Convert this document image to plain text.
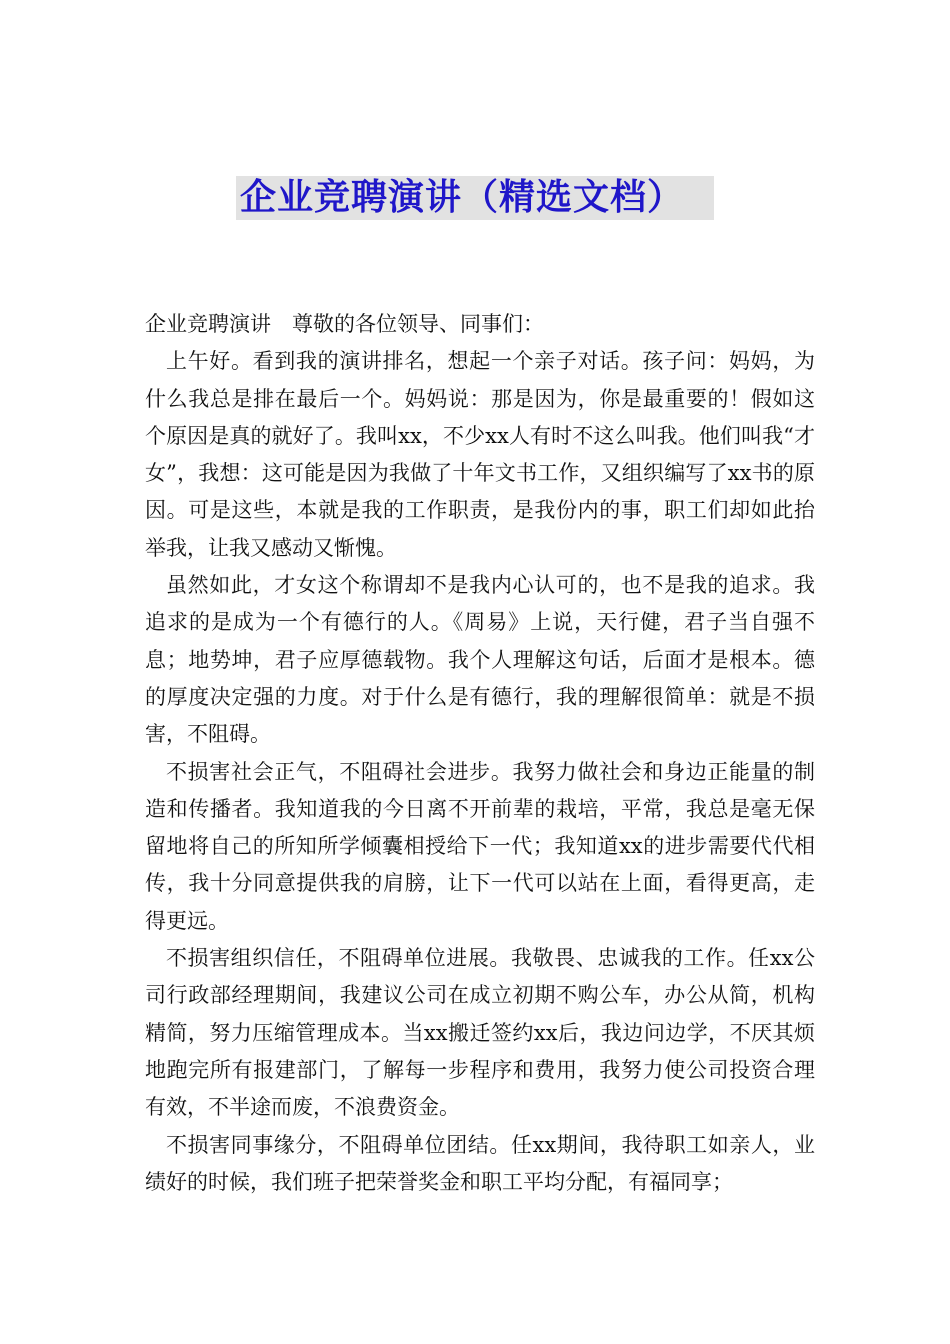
企业竞聘演讲（精选文档）

企业竞聘演讲　尊敬的各位领导、同事们：

上午好。看到我的演讲排名，想起一个亲子对话。孩子问：妈妈，为什么我总是排在最后一个。妈妈说：那是因为，你是最重要的！假如这个原因是真的就好了。我叫xx，不少xx人有时不这么叫我。他们叫我“才女”，我想：这可能是因为我做了十年文书工作，又组织编写了xx书的原因。可是这些，本就是我的工作职责，是我份内的事，职工们却如此抬举我，让我又感动又惭愧。

虽然如此，才女这个称谓却不是我内心认可的，也不是我的追求。我追求的是成为一个有德行的人。《周易》上说，天行健，君子当自强不息；地势坤，君子应厚德载物。我个人理解这句话，后面才是根本。德的厚度决定强的力度。对于什么是有德行，我的理解很简单：就是不损害，不阻碍。

不损害社会正气，不阻碍社会进步。我努力做社会和身边正能量的制造和传播者。我知道我的今日离不开前辈的栽培，平常，我总是毫无保留地将自己的所知所学倾囊相授给下一代；我知道xx的进步需要代代相传，我十分同意提供我的肩膀，让下一代可以站在上面，看得更高，走得更远。

不损害组织信任，不阻碍单位进展。我敬畏、忠诚我的工作。任xx公司行政部经理期间，我建议公司在成立初期不购公车，办公从简，机构精简，努力压缩管理成本。当xx搬迁签约xx后，我边问边学，不厌其烦地跑完所有报建部门，了解每一步程序和费用，我努力使公司投资合理有效，不半途而废，不浪费资金。

不损害同事缘分，不阻碍单位团结。任xx期间，我待职工如亲人，业绩好的时候，我们班子把荣誉奖金和职工平均分配，有福同享；
